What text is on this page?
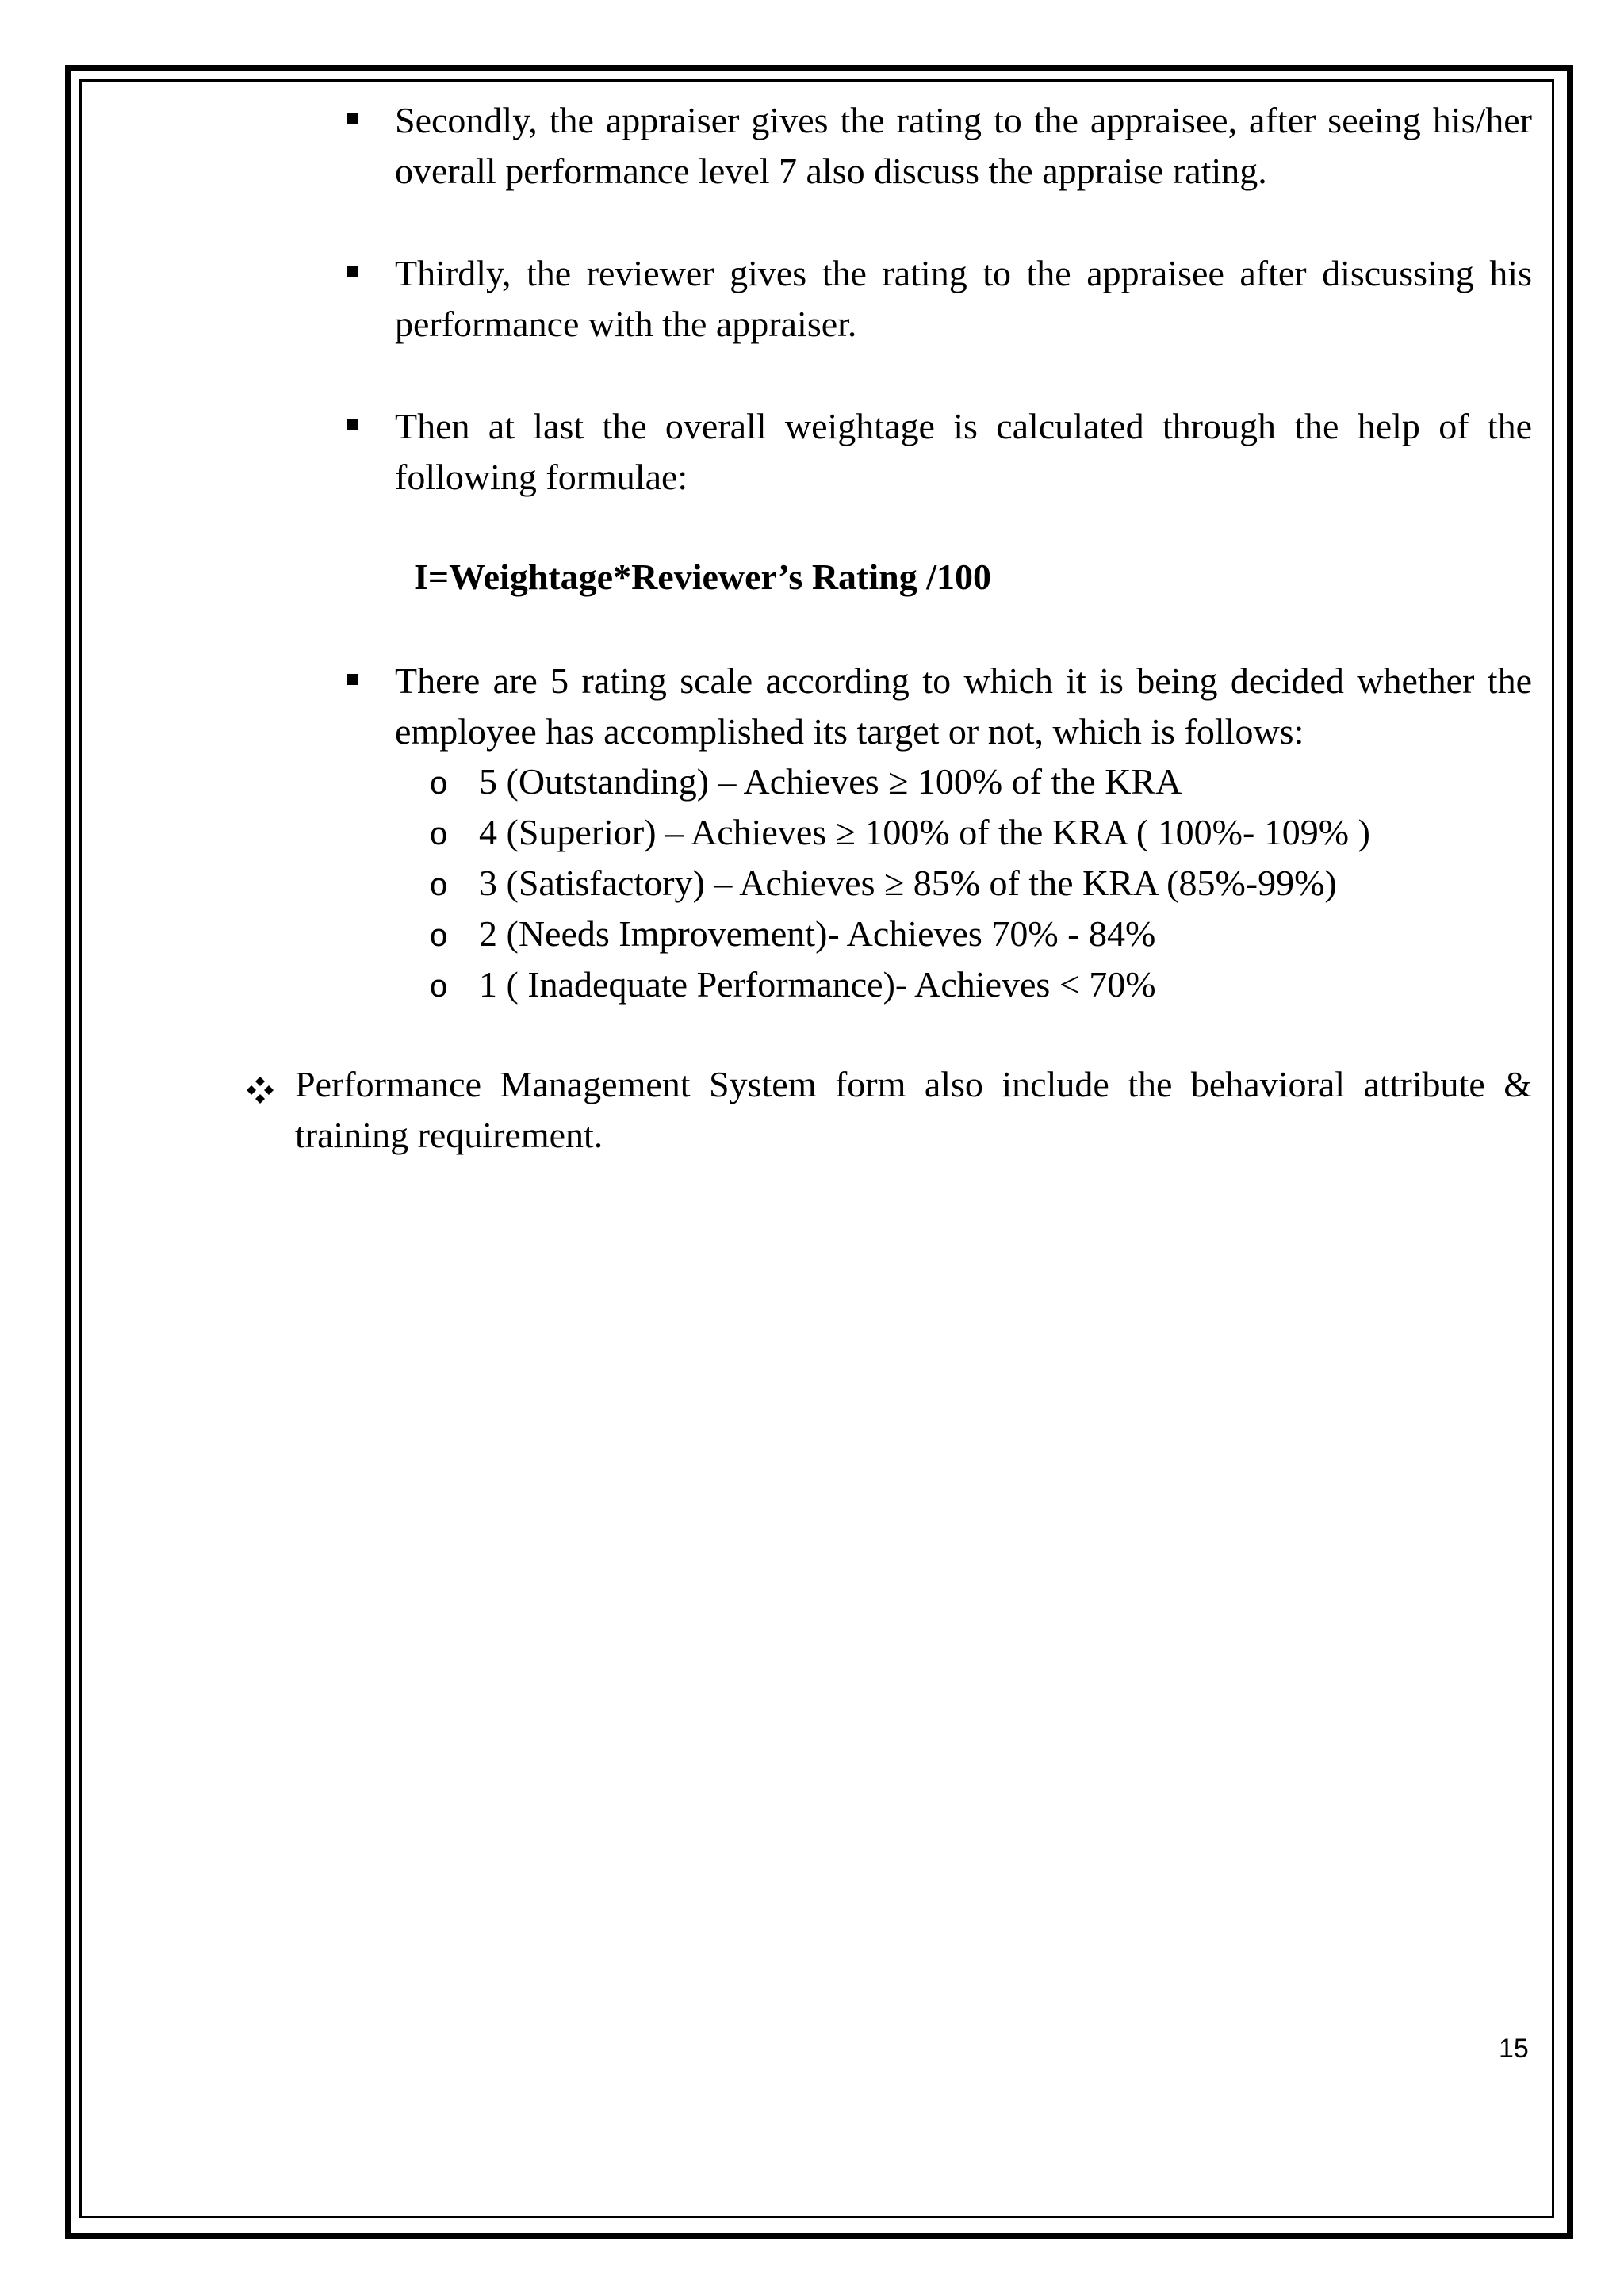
Secondly, the appraiser gives the rating to the appraisee, after seeing his/her overall performance level 7 also discuss the appraise rating.
Thirdly, the reviewer gives the rating to the appraisee after discussing his performance with the appraiser.
Then at last the overall weightage is calculated through the help of the following formulae:
I=Weightage*Reviewer’s Rating /100
There are 5 rating scale according to which it is being decided whether the employee has accomplished its target or not, which is follows:
o 5 (Outstanding) – Achieves ≥ 100% of the KRA
o 4 (Superior) – Achieves ≥ 100% of the KRA ( 100%- 109% )
o 3 (Satisfactory) – Achieves ≥ 85% of the KRA (85%-99%)
o 2 (Needs Improvement)- Achieves 70% - 84%
o 1 ( Inadequate Performance)- Achieves < 70%
Performance Management System form also include the behavioral attribute & training requirement.
15
